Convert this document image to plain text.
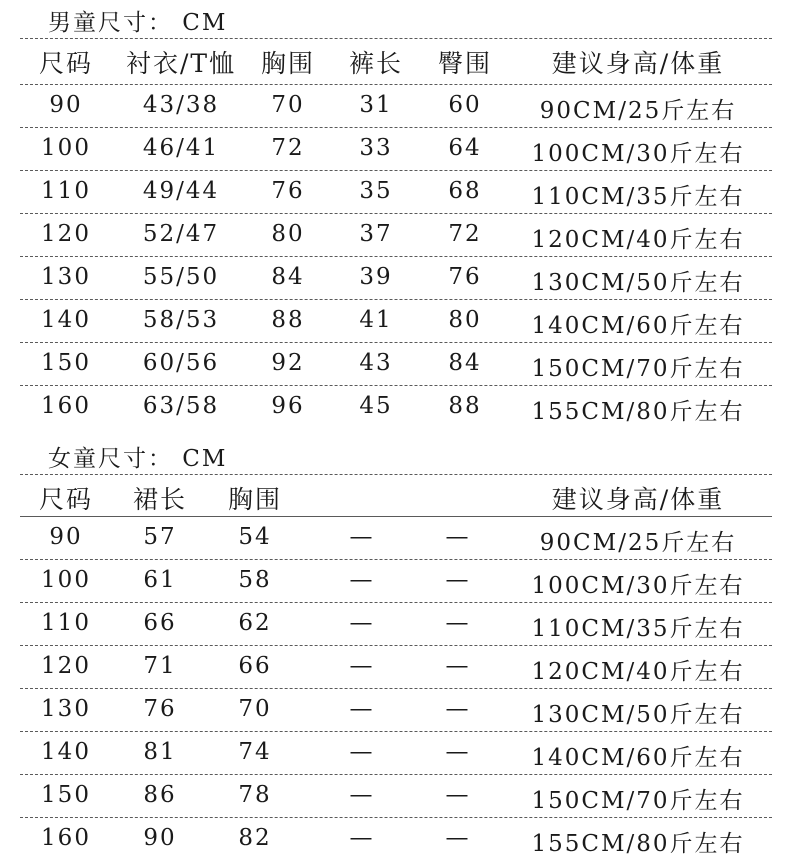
男童尺寸： CM
尺码 衬衣/T恤 胸围 裤长 臀围 建议身高/体重
90	43/38 70 31 60	90CM/25斤左右
100 46/41 72 33 64 100CM/30斤左右
110 49/44 76 35 68 110CM/35斤左右
120 52/47 80 37 72 120CM/40斤左右
130 55/50 84 39 76 130CM/50斤左右
140 58/53 88 41 80 140CM/60斤左右
150 60/56 92 43 84 150CM/70斤左右
160 63/58 96 45 88 155CM/80斤左右
女童尺寸： CM
尺码 裙长 胸围	建议身高/体重
90	57	54	—	—	90CM/25斤左右
100 61	58	—	—	100CM/30斤左右
110 66	62	—	—	110CM/35斤左右
120 71	66	—	—	120CM/40斤左右
130 76	70	—	—	130CM/50斤左右
140 81	74	—	—	140CM/60斤左右
150 86	78	—	—	150CM/70斤左右
160 90	82	—	—	155CM/80斤左右
